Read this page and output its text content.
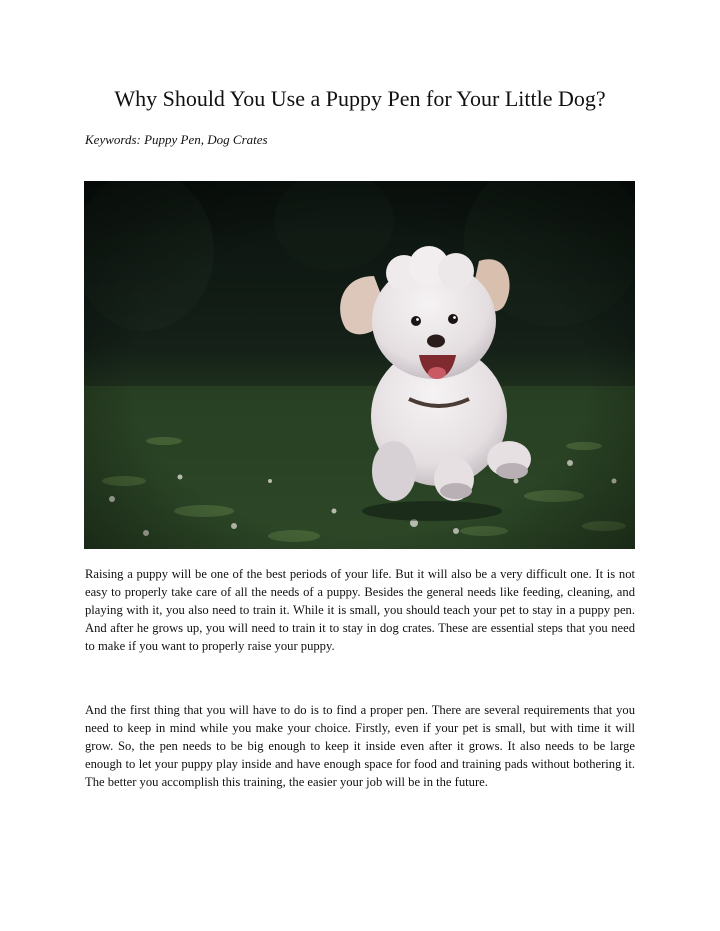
Why Should You Use a Puppy Pen for Your Little Dog?

Keywords: Puppy Pen, Dog Crates

Raising a puppy will be one of the best periods of your life. But it will also be a very difficult one. It is not easy to properly take care of all the needs of a puppy. Besides the general needs like feeding, cleaning, and playing with it, you also need to train it. While it is small, you should teach your pet to stay in a puppy pen. And after he grows up, you will need to train it to stay in dog crates. These are essential steps that you need to make if you want to properly raise your puppy.

And the first thing that you will have to do is to find a proper pen. There are several requirements that you need to keep in mind while you make your choice. Firstly, even if your pet is small, but with time it will grow. So, the pen needs to be big enough to keep it inside even after it grows. It also needs to be large enough to let your puppy play inside and have enough space for food and training pads without bothering it. The better you accomplish this training, the easier your job will be in the future.
